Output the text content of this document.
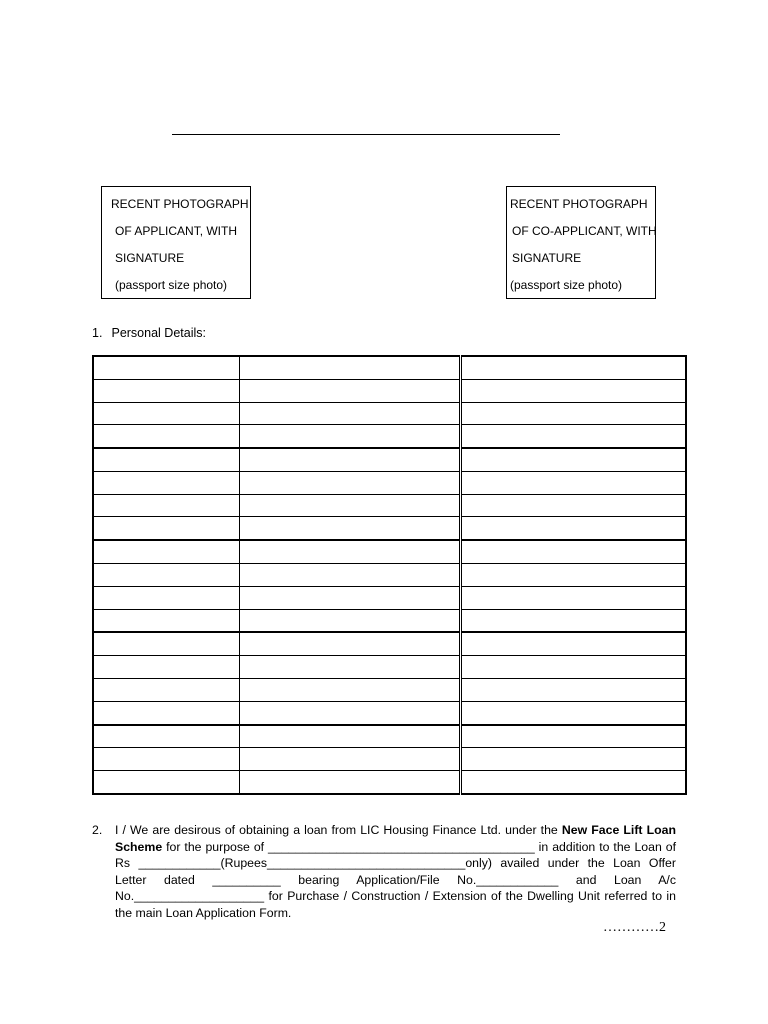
RECENT PHOTOGRAPH
OF APPLICANT, WITH
SIGNATURE
(passport size photo)
RECENT PHOTOGRAPH
OF CO-APPLICANT, WITH
SIGNATURE
(passport size photo)
1. Personal Details:

2. I / We are desirous of obtaining a loan from LIC Housing Finance Ltd. under the New Face Lift Loan Scheme for the purpose of _______________________________________ in addition to the Loan of Rs ____________(Rupees_____________________________only) availed under the Loan Offer Letter dated __________ bearing Application/File No.____________ and Loan A/c No.___________________ for Purchase / Construction / Extension of the Dwelling Unit referred to in the main Loan Application Form.
…………2
